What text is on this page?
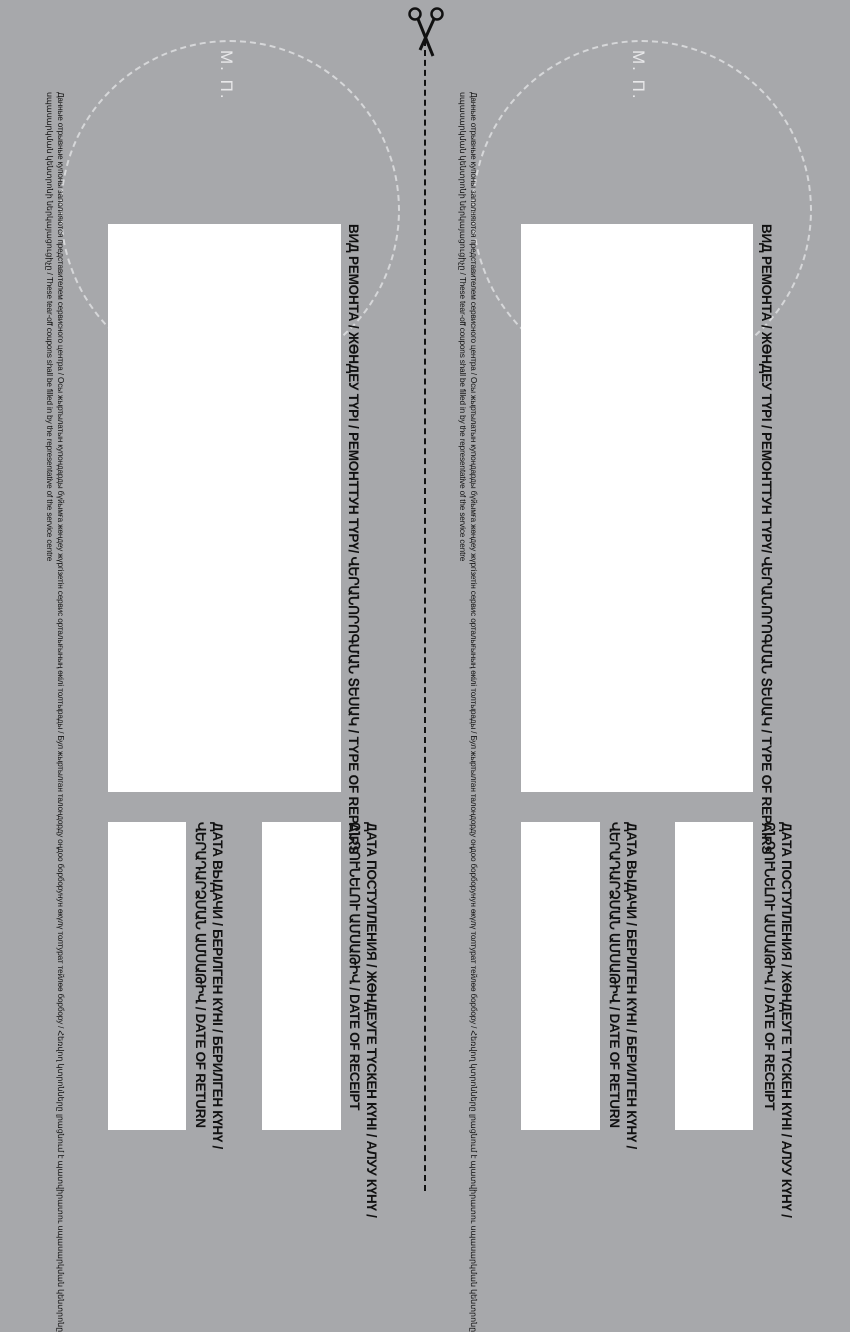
М. П.
Данные отрывные купоны заполняются представителем сервисного центра / Осы жыртылатын купондарды бүйымға жөндеу жүргізетін сервис орталығының өкілі толтырады / Бул жыртылган талондорду оңдоо борборунун өкүлү толтурат тейлөө борбору / Հեռվող կտրոնները լրացնում է պատվիրատու սպասարկման կենտրոնը
սպասարկման կենտրոնի ներկայացուցիչը / These tear-off coupons shall be filled in by the representative of the service centre	ВИД РЕМОНТА / ЖӨНДЕУ ТҮРІ / РЕМОНТТУН ТҮРҮ/ ՎԵՐԱՆՈՐՈԳՄԱՆ ՏԵՍԱԿ / TYPE OF REPAIRS
ДАТА ПОСТУПЛЕНИЯ / ЖӨНДЕУГЕ ТҮСКЕН КҮНІ / АЛУУ КҮНҮ /
ԸՆԴՈՒՆԵԼՈՒ ԱՄՍԱԹԻՎ / DATE OF RECEIPT
ДАТА ВЫДАЧИ / БЕРІЛГЕН КҮНІ / БЕРИЛГЕН КҮНҮ /
ՎԵՐԱԴԱՐՁՄԱՆ ԱՄՍԱԹԻՎ / DATE OF RETURN
М. П.
Данные отрывные купоны заполняются представителем сервисного центра / Осы жыртылатын купондарды бүйымға жөндеу жүргізетін сервис орталығының өкілі толтырады / Бул жыртылган талондорду оңдоо борборунун өкүлү толтурат тейлөө борбору / Հեռվող կտրոնները լրացնում է պատվիրատու սպասարկման կենտրոնը
սպասարկման կենտրոնի ներկայացուցիչը / These tear-off coupons shall be filled in by the representative of the service centre	ВИД РЕМОНТА / ЖӨНДЕУ ТҮРІ / РЕМОНТТУН ТҮРҮ/ ՎԵՐԱՆՈՐՈԳՄԱՆ ՏԵՍԱԿ / TYPE OF REPAIRS
ДАТА ПОСТУПЛЕНИЯ / ЖӨНДЕУГЕ ТҮСКЕН КҮНІ / АЛУУ КҮНҮ /
ԸՆԴՈՒՆԵԼՈՒ ԱՄՍԱԹԻՎ / DATE OF RECEIPT
ДАТА ВЫДАЧИ / БЕРІЛГЕН КҮНІ / БЕРИЛГЕН КҮНҮ /
ՎԵՐԱԴԱՐՁՄԱՆ ԱՄՍԱԹԻՎ / DATE OF RETURN
